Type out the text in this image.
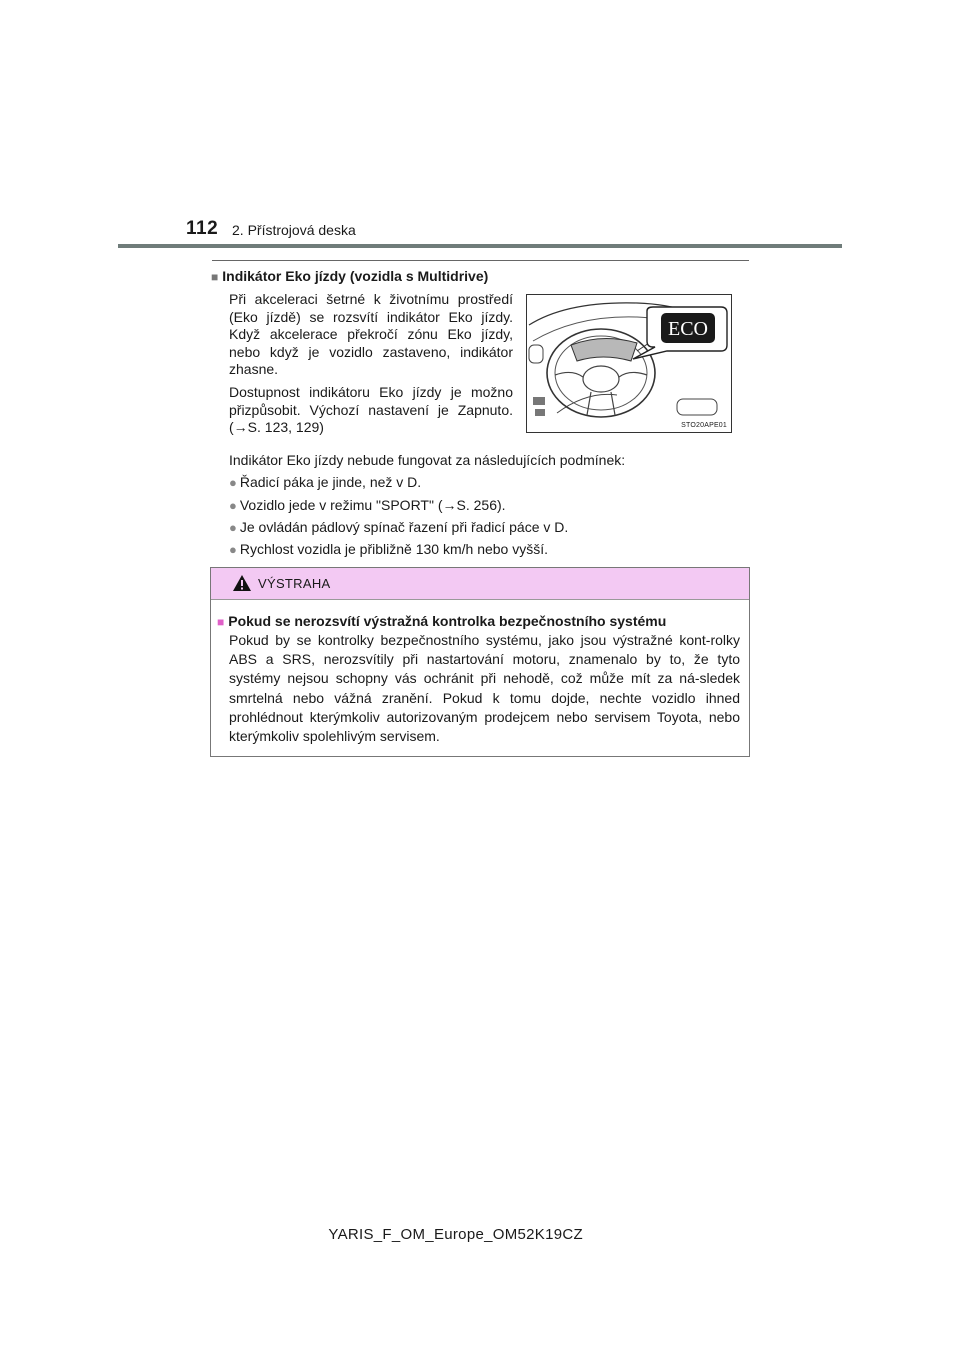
112 2. Přístrojová deska
■ Indikátor Eko jízdy (vozidla s Multidrive)

Při akceleraci šetrné k životnímu prostředí (Eko jízdě) se rozsvítí indikátor Eko jízdy. Když akcelerace překročí zónu Eko jízdy, nebo když je vozidlo zastaveno, indikátor zhasne.

Dostupnost indikátoru Eko jízdy je možno přizpůsobit. Výchozí nastavení je Zapnuto. (→S. 123, 129)

ECO
STO20APE01
Indikátor Eko jízdy nebude fungovat za následujících podmínek:
● Řadicí páka je jinde, než v D.
● Vozidlo jede v režimu "SPORT" (→S. 256).
● Je ovládán pádlový spínač řazení při řadicí páce v D.
● Rychlost vozidla je přibližně 130 km/h nebo vyšší.
VÝSTRAHA
■ Pokud se nerozsvítí výstražná kontrolka bezpečnostního systému

Pokud by se kontrolky bezpečnostního systému, jako jsou výstražné kont-rolky ABS a SRS, nerozsvítily při nastartování motoru, znamenalo by to, že tyto systémy nejsou schopny vás ochránit při nehodě, což může mít za ná-sledek smrtelná nebo vážná zranění. Pokud k tomu dojde, nechte vozidlo ihned prohlédnout kterýmkoliv autorizovaným prodejcem nebo servisem Toyota, nebo kterýmkoliv spolehlivým servisem.

YARIS_F_OM_Europe_OM52K19CZ
